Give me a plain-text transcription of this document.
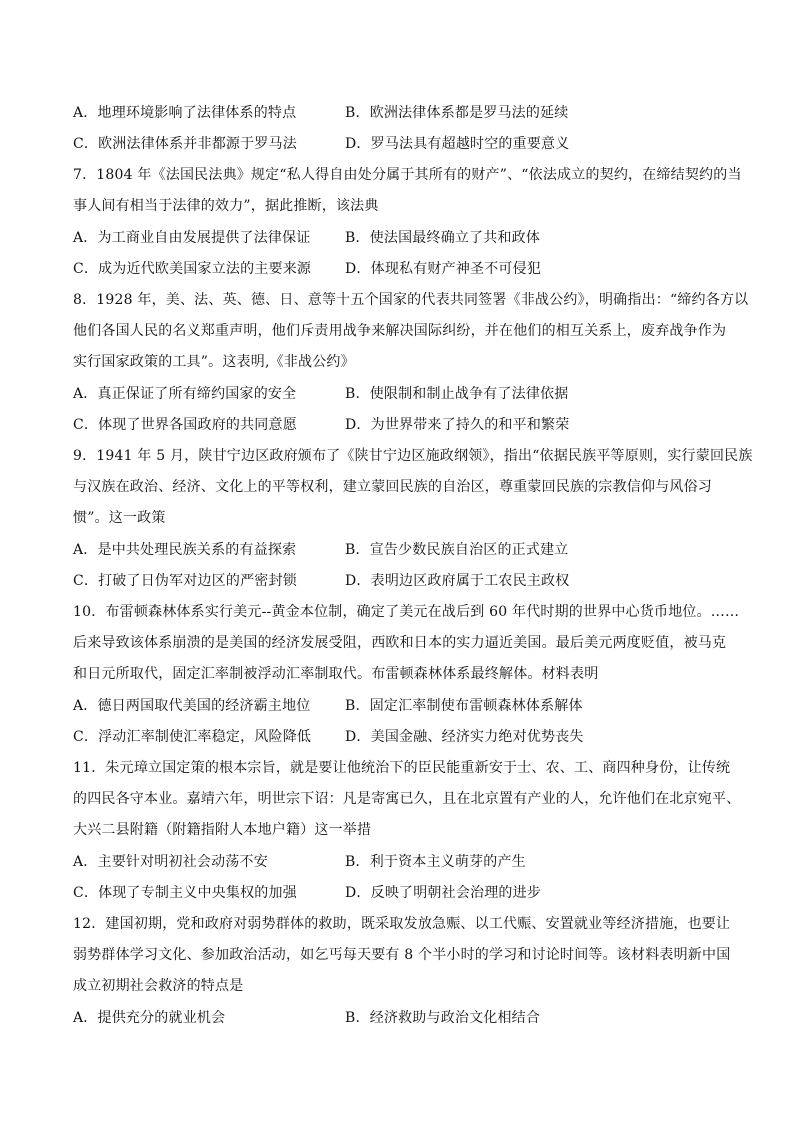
A．地理环境影响了法律体系的特点	B．欧洲法律体系都是罗马法的延续
C．欧洲法律体系并非都源于罗马法	D．罗马法具有超越时空的重要意义
7．1804 年《法国民法典》规定“私人得自由处分属于其所有的财产”、“依法成立的契约，在缔结契约的当
事人间有相当于法律的效力”，据此推断，该法典
A．为工商业自由发展提供了法律保证 B．使法国最终确立了共和政体
C．成为近代欧美国家立法的主要来源 D．体现私有财产神圣不可侵犯
8．1928 年，美、法、英、德、日、意等十五个国家的代表共同签署《非战公约》，明确指出：“缔约各方以
他们各国人民的名义郑重声明，他们斥责用战争来解决国际纠纷，并在他们的相互关系上，废弃战争作为
实行国家政策的工具”。这表明,《非战公约》
A．真正保证了所有缔约国家的安全	B．使限制和制止战争有了法律依据
C．体现了世界各国政府的共同意愿	D．为世界带来了持久的和平和繁荣
9．1941 年 5 月，陕甘宁边区政府颁布了《陕甘宁边区施政纲领》，指出“依据民族平等原则，实行蒙回民族
与汉族在政治、经济、文化上的平等权利，建立蒙回民族的自治区，尊重蒙回民族的宗教信仰与风俗习
惯”。这一政策
A．是中共处理民族关系的有益探索	B．宣告少数民族自治区的正式建立
C．打破了日伪军对边区的严密封锁	D．表明边区政府属于工农民主政权
10．布雷顿森林体系实行美元--黄金本位制，确定了美元在战后到 60 年代时期的世界中心货币地位。……
后来导致该体系崩溃的是美国的经济发展受阻，西欧和日本的实力逼近美国。最后美元两度贬值，被马克
和日元所取代，固定汇率制被浮动汇率制取代。布雷顿森林体系最终解体。材料表明
A．德日两国取代美国的经济霸主地位 B．固定汇率制使布雷顿森林体系解体
C．浮动汇率制使汇率稳定，风险降低 D．美国金融、经济实力绝对优势丧失
11．朱元璋立国定策的根本宗旨，就是要让他统治下的臣民能重新安于士、农、工、商四种身份，让传统
的四民各守本业。嘉靖六年，明世宗下诏：凡是寄寓已久，且在北京置有产业的人，允许他们在北京宛平、
大兴二县附籍（附籍指附人本地户籍）这一举措
A．主要针对明初社会动荡不安	B．利于资本主义萌芽的产生
C．体现了专制主义中央集权的加强	D．反映了明朝社会治理的进步
12．建国初期，党和政府对弱势群体的救助，既采取发放急赈、以工代赈、安置就业等经济措施，也要让
弱势群体学习文化、参加政治活动，如乞丐每天要有 8 个半小时的学习和讨论时间等。该材料表明新中国
成立初期社会救济的特点是
A．提供充分的就业机会	B．经济救助与政治文化相结合
